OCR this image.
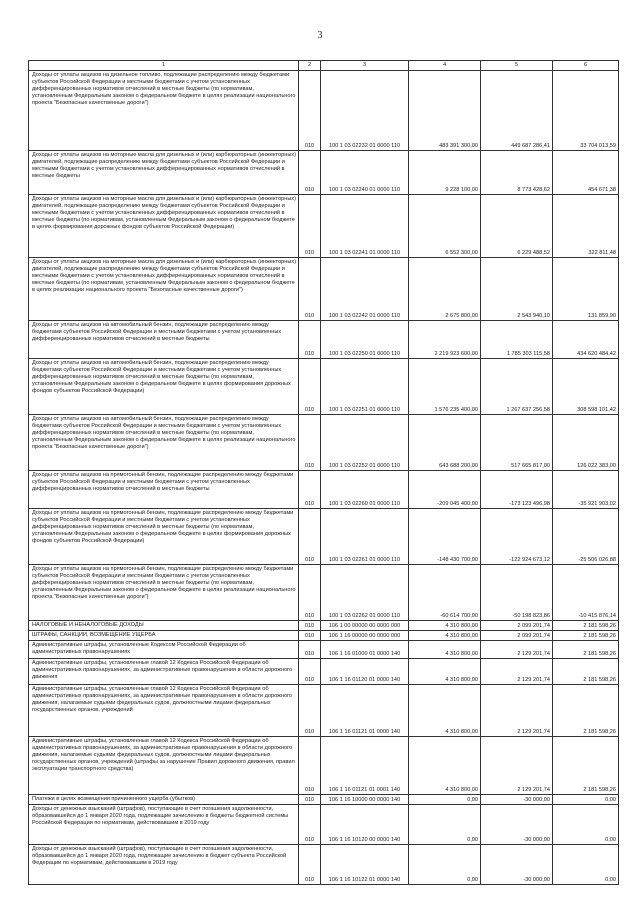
3
1	2	3	4	5	6
Доходы от уплаты акцизов на дизельное топливо, подлежащие распределению между бюджетами субъектов Российской Федерации и местными бюджетами с учетом установленных дифференцированных нормативов отчислений в местные бюджеты (по нормативам, установленным Федеральным законом о федеральном бюджете в целях реализации национального проекта "Безопасные качественные дороги")	010	100 1 03 02232 01 0000 110	483 391 300,00	449 687 286,41	33 704 013,59
Доходы от уплаты акцизов на моторные масла для дизельных и (или) карбюраторных (инжекторных) двигателей, подлежащие распределению между бюджетами субъектов Российской Федерации и местными бюджетами с учетом установленных дифференцированных нормативов отчислений в местные бюджеты	010	100 1 03 02240 01 0000 110	9 228 100,00	8 773 428,62	454 671,38
Доходы от уплаты акцизов на моторные масла для дизельных и (или) карбюраторных (инжекторных) двигателей, подлежащие распределению между бюджетами субъектов Российской Федерации и местными бюджетами с учетом установленных дифференцированных нормативов отчислений в местные бюджеты (по нормативам, установленным Федеральным законом о федеральном бюджете в целях формирования дорожных фондов субъектов Российской Федерации)	010	100 1 03 02241 01 0000 110	6 552 300,00	6 229 488,52	322 811,48
Доходы от уплаты акцизов на моторные масла для дизельных и (или) карбюраторных (инжекторных) двигателей, подлежащие распределению между бюджетами субъектов Российской Федерации и местными бюджетами с учетом установленных дифференцированных нормативов отчислений в местные бюджеты (по нормативам, установленным Федеральным законом о федеральном бюджете в целях реализации национального проекта "Безопасные качественные дороги")	010	100 1 03 02242 01 0000 110	2 675 800,00	2 543 940,10	131 859,90
Доходы от уплаты акцизов на автомобильный бензин, подлежащие распределению между бюджетами субъектов Российской Федерации и местными бюджетами с учетом установленных дифференцированных нормативов отчислений в местные бюджеты	010	100 1 03 02250 01 0000 110	2 219 923 600,00	1 785 303 115,58	434 620 484,42
Доходы от уплаты акцизов на автомобильный бензин, подлежащие распределению между бюджетами субъектов Российской Федерации и местными бюджетами с учетом установленных дифференцированных нормативов отчислений в местные бюджеты (по нормативам, установленным Федеральным законом о федеральном бюджете в целях формирования дорожных фондов субъектов Российской Федерации)	010	100 1 03 02251 01 0000 110	1 576 235 400,00	1 267 637 256,58	308 598 101,42
Доходы от уплаты акцизов на автомобильный бензин, подлежащие распределению между бюджетами субъектов Российской Федерации и местными бюджетами с учетом установленных дифференцированных нормативов отчислений в местные бюджеты (по нормативам, установленным Федеральным законом о федеральном бюджете в целях реализации национального проекта "Безопасные качественные дороги")	010	100 1 03 02252 01 0000 110	643 688 200,00	517 665 817,00	126 022 383,00
Доходы от уплаты акцизов на прямогонный бензин, подлежащие распределению между бюджетами субъектов Российской Федерации и местными бюджетами с учетом установленных дифференцированных нормативов отчислений в местные бюджеты	010	100 1 03 02260 01 0000 110	-209 045 400,00	-173 123 496,98	-35 921 903,02
Доходы от уплаты акцизов на прямогонный бензин, подлежащие распределению между бюджетами субъектов Российской Федерации и местными бюджетами с учетом установленных дифференцированных нормативов отчислений в местные бюджеты (по нормативам, установленным Федеральным законом о федеральном бюджете в целях формирования дорожных фондов субъектов Российской Федерации)	010	100 1 03 02261 01 0000 110	-148 430 700,00	-122 924 673,12	-25 506 026,88
Доходы от уплаты акцизов на прямогонный бензин, подлежащие распределению между бюджетами субъектов Российской Федерации и местными бюджетами с учетом установленных дифференцированных нормативов отчислений в местные бюджеты (по нормативам, установленным Федеральным законом о федеральном бюджете в целях реализации национального проекта "Безопасные качественные дороги")	010	100 1 03 02262 01 0000 110	-60 614 700,00	-50 198 823,86	-10 415 876,14
НАЛОГОВЫЕ И НЕНАЛОГОВЫЕ ДОХОДЫ	010	106 1 00 00000 00 0000 000	4 310 800,00	2 099 201,74	2 181 598,26
ШТРАФЫ, САНКЦИИ, ВОЗМЕЩЕНИЕ УЩЕРБА	010	106 1 16 00000 00 0000 000	4 310 800,00	2 099 201,74	2 181 598,26
Административные штрафы, установленные Кодексом Российской Федерации об административных правонарушениях	010	106 1 16 01000 01 0000 140	4 310 800,00	2 129 201,74	2 181 598,26
Административные штрафы, установленные главой 12 Кодекса Российской Федерации об административных правонарушениях, за административные правонарушения в области дорожного движения	010	106 1 16 01120 01 0000 140	4 310 800,00	2 129 201,74	2 181 598,26
Административные штрафы, установленные главой 12 Кодекса Российской Федерации об административных правонарушениях, за административные правонарушения в области дорожного движения, налагаемые судьями федеральных судов, должностными лицами федеральных государственных органов, учреждений	010	106 1 16 01121 01 0000 140	4 310 800,00	2 129 201,74	2 181 598,26
Административные штрафы, установленные главой 12 Кодекса Российской Федерации об административных правонарушениях, за административные правонарушения в области дорожного движения, налагаемые судьями федеральных судов, должностными лицами федеральных государственных органов, учреждений (штрафы за нарушение Правил дорожного движения, правил эксплуатации транспортного средства)	010	106 1 16 01121 01 0001 140	4 310 800,00	2 129 201,74	2 181 598,26
Платежи в целях возмещения причиненного ущерба (убытков)	010	106 1 16 10000 00 0000 140	0,00	-30 000,00	0,00
Доходы от денежных взысканий (штрафов), поступающие в счет погашения задолженности, образовавшейся до 1 января 2020 года, подлежащие зачислению в бюджеты бюджетной системы Российской Федерации по нормативам, действовавшим в 2019 году	010	106 1 16 10120 00 0000 140	0,00	-30 000,00	0,00
Доходы от денежных взысканий (штрафов), поступающие в счет погашения задолженности, образовавшейся до 1 января 2020 года, подлежащие зачислению в бюджет субъекта Российской Федерации по нормативам, действовавшим в 2019 году	010	106 1 16 10122 01 0000 140	0,00	-30 000,00	0,00
